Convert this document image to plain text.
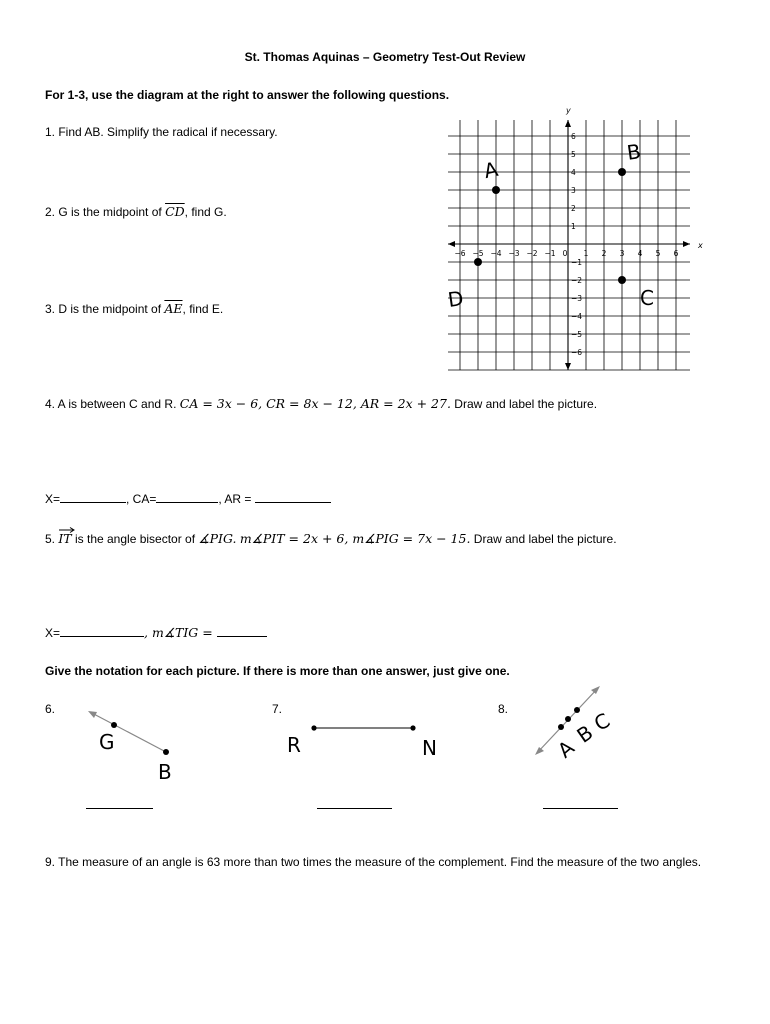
St. Thomas Aquinas – Geometry Test-Out Review
For 1-3, use the diagram at the right to answer the following questions.
1. Find AB. Simplify the radical if necessary.
2. G is the midpoint of $\overline{CD}$, find G.
3. D is the midpoint of $\overline{AE}$, find E.
x
y
−6 −5 −4 −3 −2 −1 0 1 2 3 4 5 6
6
5
4
3
2
1
−1
−2
−3
−4
−5
−6
A
B
C
D
4. A is between C and R. CA = 3x − 6, CR = 8x − 12, AR = 2x + 27. Draw and label the picture.
X=	, CA=	, AR =
5. IT is the angle bisector of ∡PIG. m∡PIT = 2x + 6, m∡PIG = 7x − 15. Draw and label the picture.
X=	, m∡TIG =
Give the notation for each picture. If there is more than one answer, just give one.
6.	7.	8.
G
B
R	N	A
B
C
9. The measure of an angle is 63 more than two times the measure of the complement. Find the measure of the two angles.
